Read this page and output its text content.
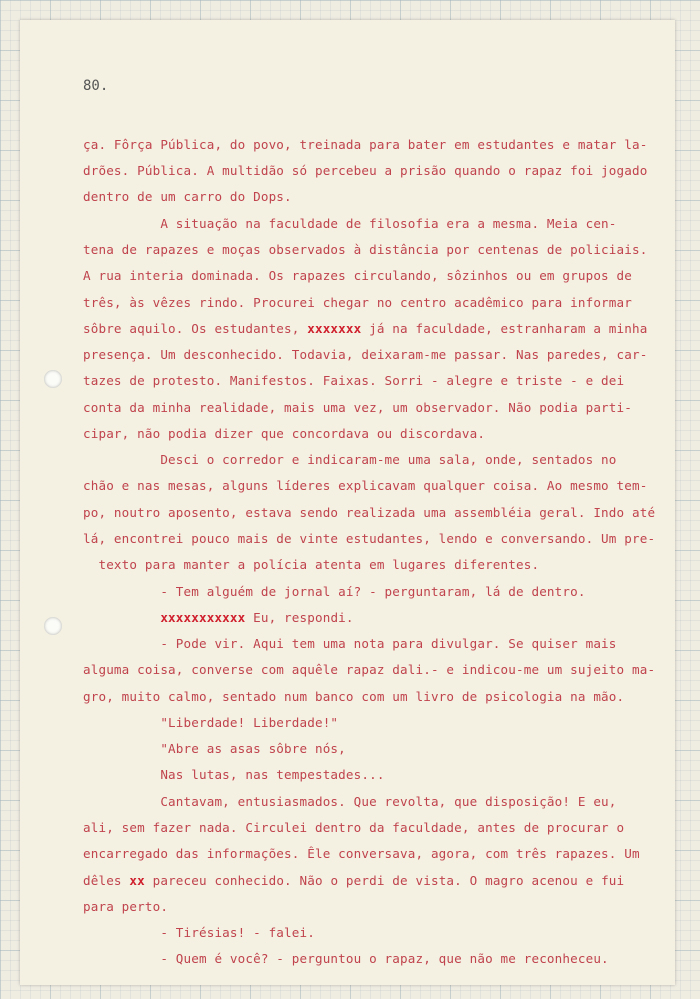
80.
ça. Fôrça Pública, do povo, treinada para bater em estudantes e matar la-
drões. Pública. A multidão só percebeu a prisão quando o rapaz foi jogado
dentro de um carro do Dops.
A situação na faculdade de filosofia era a mesma. Meia cen-
tena de rapazes e moças observados à distância por centenas de policiais.
A rua interia dominada. Os rapazes circulando, sôzinhos ou em grupos de
três, às vêzes rindo. Procurei chegar no centro acadêmico para informar
sôbre aquilo. Os estudantes, xxxxxxx já na faculdade, estranharam a minha
presença. Um desconhecido. Todavia, deixaram-me passar. Nas paredes, car-
tazes de protesto. Manifestos. Faixas. Sorri - alegre e triste - e dei
conta da minha realidade, mais uma vez, um observador. Não podia parti-
cipar, não podia dizer que concordava ou discordava.
Desci o corredor e indicaram-me uma sala, onde, sentados no
chão e nas mesas, alguns líderes explicavam qualquer coisa. Ao mesmo tem-
po, noutro aposento, estava sendo realizada uma assembléia geral. Indo até
lá, encontrei pouco mais de vinte estudantes, lendo e conversando. Um pre-
texto para manter a polícia atenta em lugares diferentes.
- Tem alguém de jornal aí? - perguntaram, lá de dentro.
xxxxxxxxxxx Eu, respondi.
- Pode vir. Aqui tem uma nota para divulgar. Se quiser mais
alguma coisa, converse com aquêle rapaz dali.- e indicou-me um sujeito ma-
gro, muito calmo, sentado num banco com um livro de psicologia na mão.
"Liberdade! Liberdade!"
"Abre as asas sôbre nós,
Nas lutas, nas tempestades...
Cantavam, entusiasmados. Que revolta, que disposição! E eu,
ali, sem fazer nada. Circulei dentro da faculdade, antes de procurar o
encarregado das informações. Êle conversava, agora, com três rapazes. Um
dêles xx pareceu conhecido. Não o perdi de vista. O magro acenou e fui
para perto.
- Tirésias! - falei.
- Quem é você? - perguntou o rapaz, que não me reconheceu.
